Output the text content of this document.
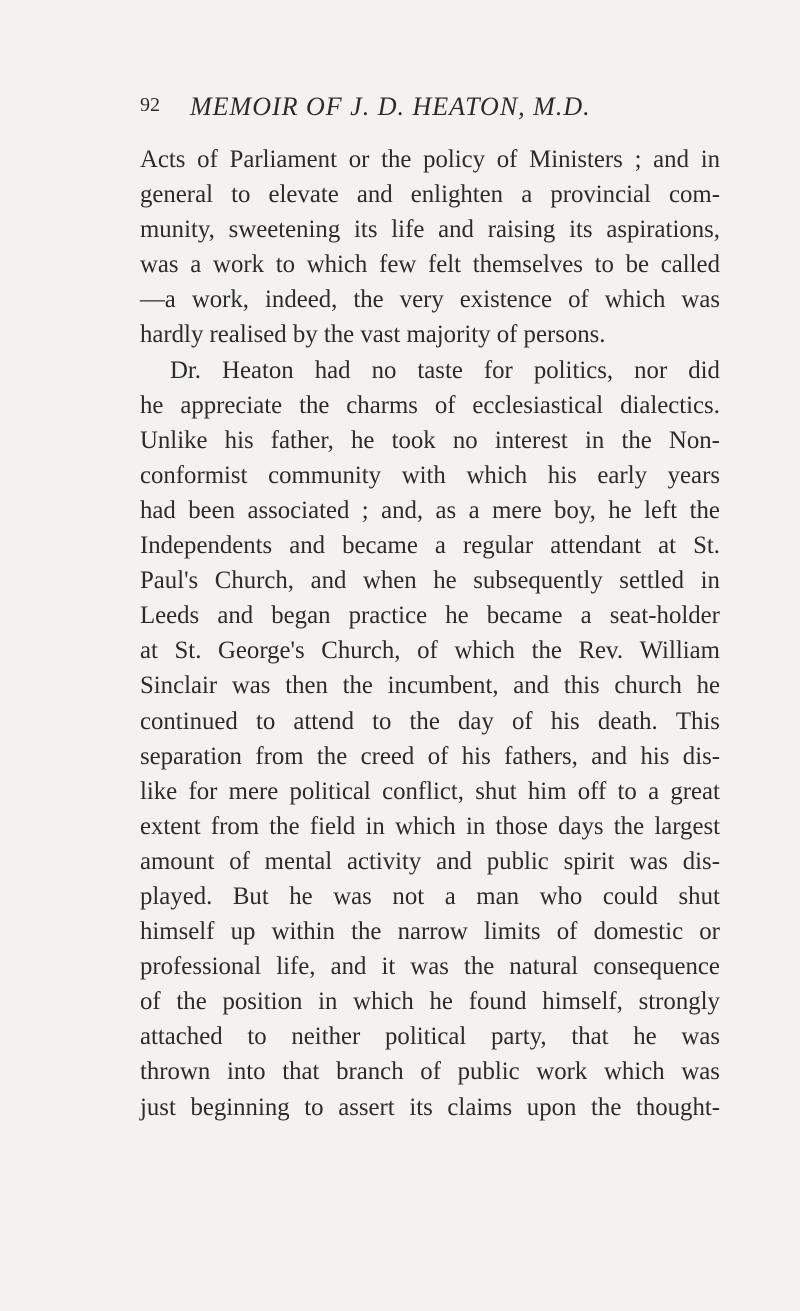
92 MEMOIR OF J. D. HEATON, M.D.
Acts of Parliament or the policy of Ministers ; and in
general to elevate and enlighten a provincial com-
munity, sweetening its life and raising its aspirations,
was a work to which few felt themselves to be called
—a work, indeed, the very existence of which was
hardly realised by the vast majority of persons.
Dr. Heaton had no taste for politics, nor did
he appreciate the charms of ecclesiastical dialectics.
Unlike his father, he took no interest in the Non-
conformist community with which his early years
had been associated ; and, as a mere boy, he left the
Independents and became a regular attendant at St.
Paul's Church, and when he subsequently settled in
Leeds and began practice he became a seat-holder
at St. George's Church, of which the Rev. William
Sinclair was then the incumbent, and this church he
continued to attend to the day of his death. This
separation from the creed of his fathers, and his dis-
like for mere political conflict, shut him off to a great
extent from the field in which in those days the largest
amount of mental activity and public spirit was dis-
played. But he was not a man who could shut
himself up within the narrow limits of domestic or
professional life, and it was the natural consequence
of the position in which he found himself, strongly
attached to neither political party, that he was
thrown into that branch of public work which was
just beginning to assert its claims upon the thought-
